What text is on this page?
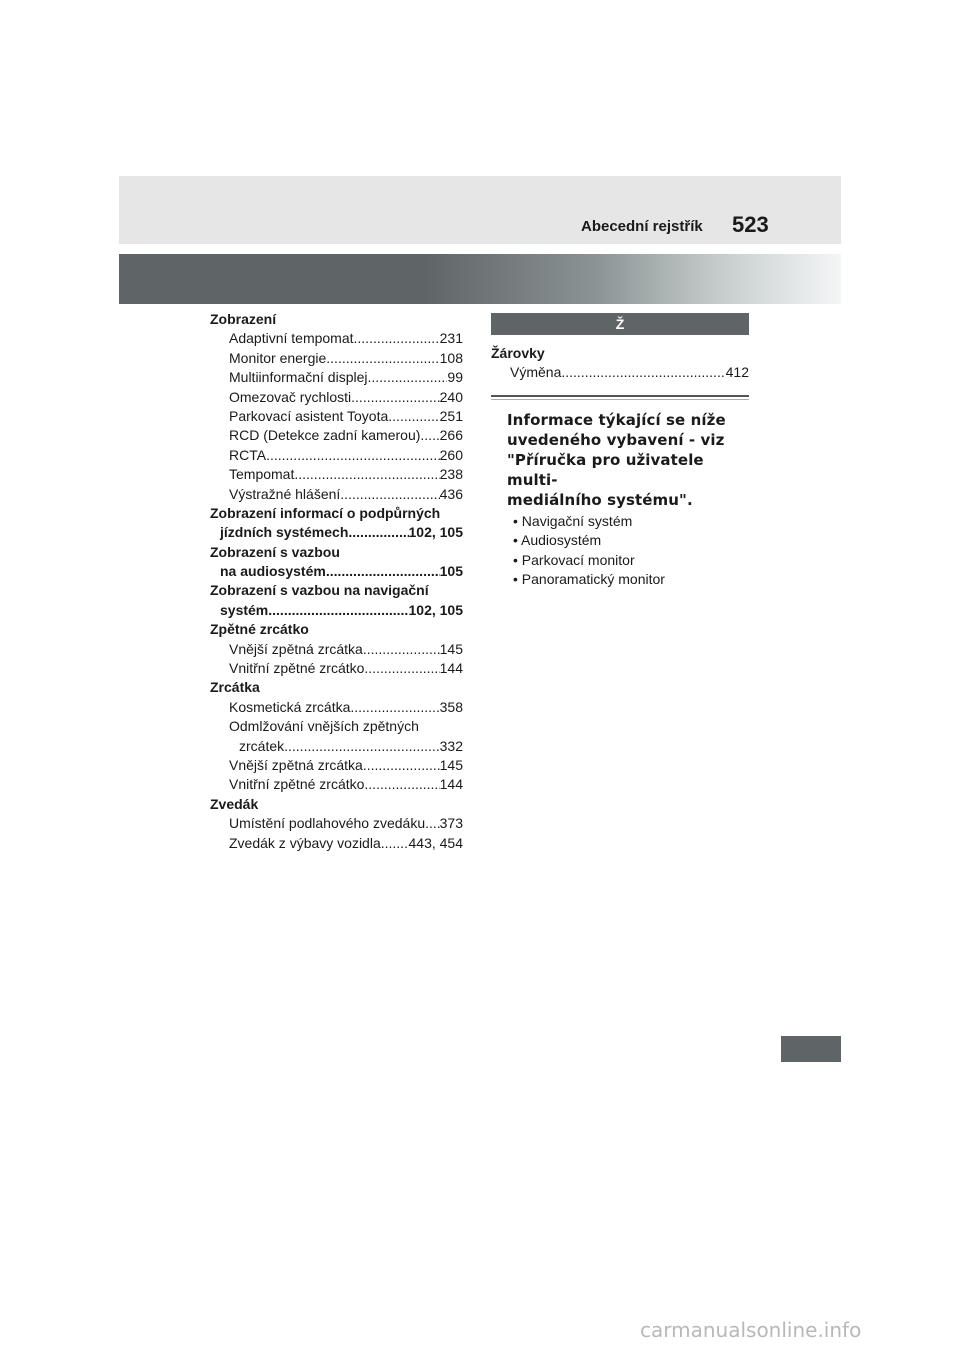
Abecední rejstřík 523
Zobrazení
Adaptivní tempomat .....	231
Monitor energie .....	108
Multiinformační displej .....	99
Omezovač rychlosti .....	240
Parkovací asistent Toyota .....	251
RCD (Detekce zadní kamerou) ..... 266
RCTA .....	260
Tempomat .....	238
Výstražné hlášení .....	436
Zobrazení informací o podpůrných
jízdních systémech .....	102, 105
Zobrazení s vazbou
na audiosystém .....	105
Zobrazení s vazbou na navigační
systém .....	102, 105
Zpětné zrcátko
Vnější zpětná zrcátka .....	145
Vnitřní zpětné zrcátko .....	144
Zrcátka
Kosmetická zrcátka .....	358
Odmlžování vnějších zpětných
zrcátek .....	332
Vnější zpětná zrcátka .....	145
Vnitřní zpětné zrcátko .....	144
Zvedák
Umístění podlahového zvedáku ..... 373
Zvedák z výbavy vozidla ..... 443, 454
Ž
Žárovky
Výměna .....	412
Informace týkající se níže
uvedeného vybavení - viz
"Příručka pro uživatele multi-
mediálního systému".
• Navigační systém
• Audiosystém
• Parkovací monitor
• Panoramatický monitor
carmanualsonline.info
